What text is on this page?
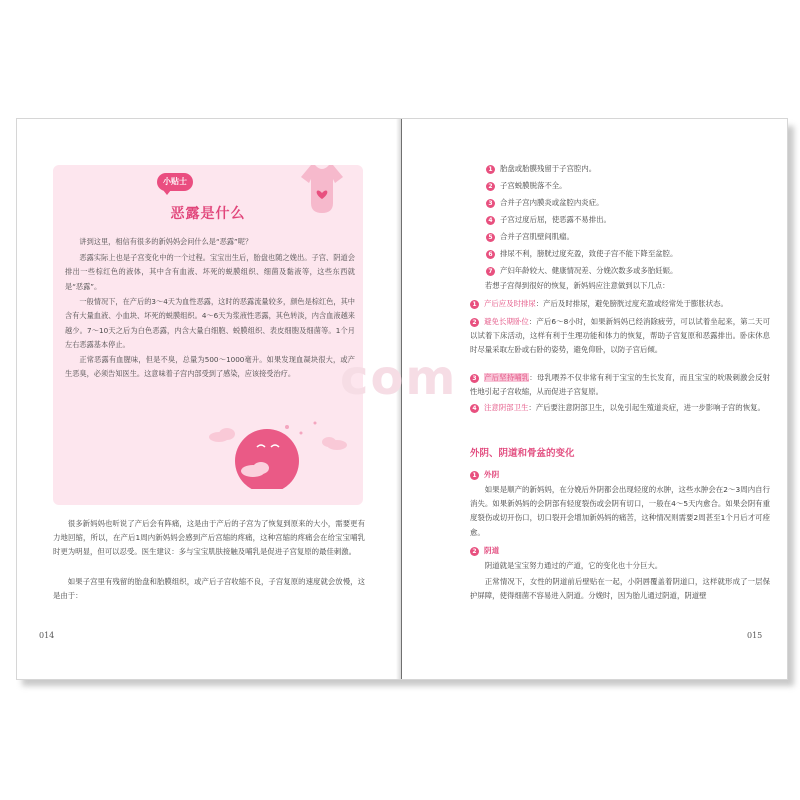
小贴士
恶露是什么

讲到这里，相信有很多的新妈妈会问什么是“恶露”呢？

恶露实际上也是子宫变化中的一个过程。宝宝出生后，胎盘也随之娩出。子宫、阴道会排出一些棕红色的液体，其中含有血液、坏死的蜕膜组织、细菌及黏液等，这些东西就是“恶露”。

一般情况下，在产后的3～4天为血性恶露，这时的恶露流量较多，颜色是棕红色，其中含有大量血液、小血块、坏死的蜕膜组织。4～6天为浆液性恶露，其色转淡，内含血液越来越少。7～10天之后为白色恶露，内含大量白细胞、蜕膜组织、表皮细胞及细菌等。1个月左右恶露基本停止。

正常恶露有血腥味，但是不臭，总量为500～1000毫升。如果发现血凝块很大，或产生恶臭，必须告知医生。这意味着子宫内部受到了感染，应该接受治疗。

很多新妈妈也听说了产后会有阵痛，这是由于产后的子宫为了恢复到原来的大小，需要更有力地回缩，所以，在产后1周内新妈妈会感到产后宫缩的疼痛，这种宫缩的疼痛会在给宝宝哺乳时更为明显，但可以忍受。医生建议：多与宝宝肌肤接触及哺乳是促进子宫复原的最佳刺激。

如果子宫里有残留的胎盘和胎膜组织，或产后子宫收缩不良，子宫复原的速度就会放慢，这是由于：

014
1 胎盘或胎膜残留于子宫腔内。
2 子宫蜕膜脱落不全。
3 合并子宫内膜炎或盆腔内炎症。
4 子宫过度后屈，使恶露不易排出。
5 合并子宫肌壁间肌瘤。
6 排尿不利，膀胱过度充盈，致使子宫不能下降至盆腔。
7 产妇年龄较大、健康情况差、分娩次数多或多胎妊娠。

若想子宫得到很好的恢复，新妈妈应注意做到以下几点：

1 产后应及时排尿：产后及时排尿，避免膀胱过度充盈或经常处于膨胀状态。

2 避免长期卧位：产后6～8小时，如果新妈妈已经消除疲劳，可以试着坐起来，第二天可以试着下床活动，这样有利于生理功能和体力的恢复，帮助子宫复原和恶露排出。卧床休息时尽量采取左卧或右卧的姿势，避免仰卧，以防子宫后倾。

3 产后坚持哺乳：母乳喂养不仅非常有利于宝宝的生长发育，而且宝宝的吮吸刺激会反射性地引起子宫收缩，从而促进子宫复原。

4 注意阴部卫生：产后要注意阴部卫生，以免引起生殖道炎症，进一步影响子宫的恢复。

外阴、阴道和骨盆的变化
1 外阴

如果是顺产的新妈妈，在分娩后外阴都会出现轻度的水肿，这些水肿会在2～3周内自行消失。如果新妈妈的会阴部有轻度裂伤或会阴有切口，一般在4～5天内愈合。如果会阴有重度裂伤或切开伤口，切口裂开会增加新妈妈的痛苦，这种情况则需要2周甚至1个月后才可痊愈。

2 阴道

阴道就是宝宝努力通过的产道，它的变化也十分巨大。

正常情况下，女性的阴道前后壁贴在一起，小阴唇覆盖着阴道口，这样就形成了一层保护屏障，使得细菌不容易进入阴道。分娩时，因为胎儿通过阴道，阴道壁

015
com
